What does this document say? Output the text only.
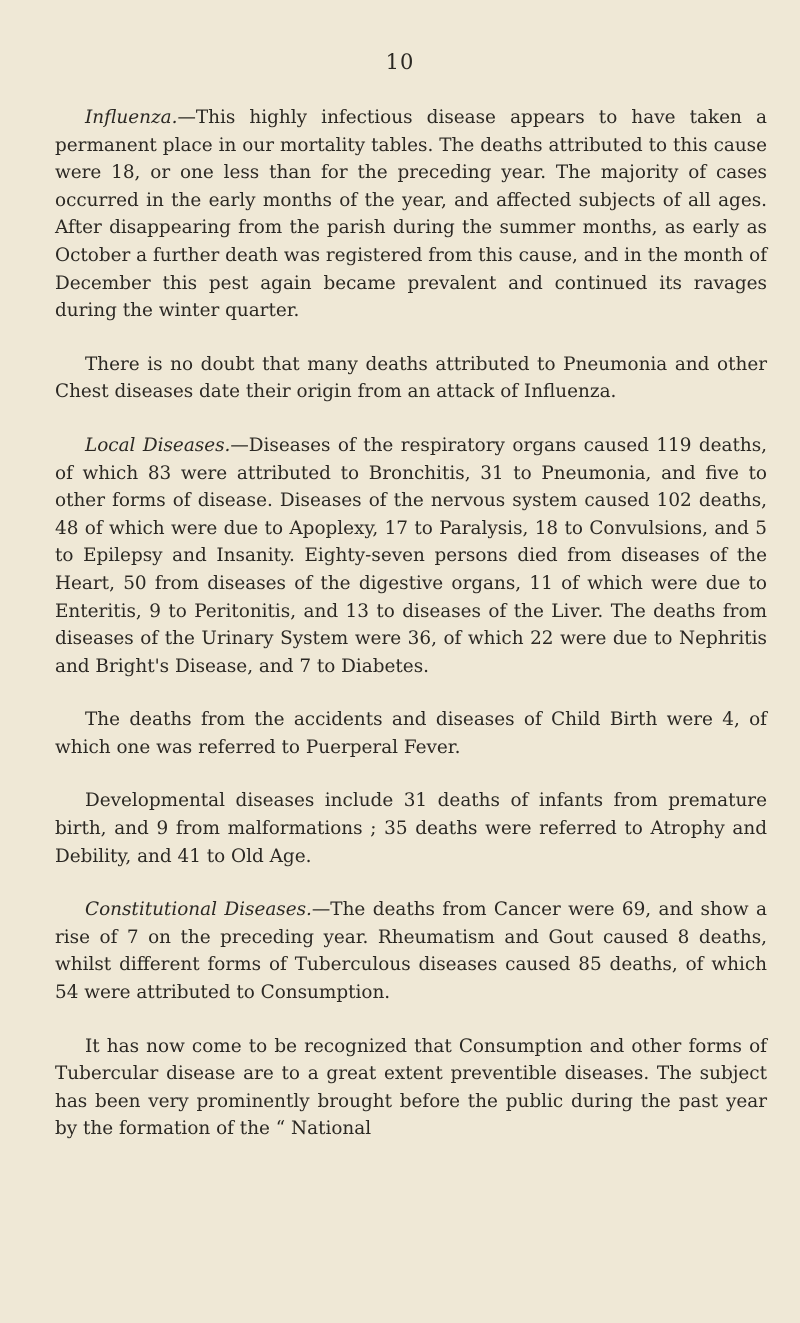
10

Influenza.—This highly infectious disease appears to have taken a permanent place in our mortality tables. The deaths attributed to this cause were 18, or one less than for the preceding year. The majority of cases occurred in the early months of the year, and affected subjects of all ages. After disappearing from the parish during the summer months, as early as October a further death was registered from this cause, and in the month of December this pest again became prevalent and continued its ravages during the winter quarter.

There is no doubt that many deaths attributed to Pneumonia and other Chest diseases date their origin from an attack of Influenza.

Local Diseases.—Diseases of the respiratory organs caused 119 deaths, of which 83 were attributed to Bronchitis, 31 to Pneumonia, and five to other forms of disease. Diseases of the nervous system caused 102 deaths, 48 of which were due to Apoplexy, 17 to Paralysis, 18 to Convulsions, and 5 to Epilepsy and Insanity. Eighty-seven persons died from diseases of the Heart, 50 from diseases of the digestive organs, 11 of which were due to Enteritis, 9 to Peritonitis, and 13 to diseases of the Liver. The deaths from diseases of the Urinary System were 36, of which 22 were due to Nephritis and Bright's Disease, and 7 to Diabetes.

The deaths from the accidents and diseases of Child Birth were 4, of which one was referred to Puerperal Fever.

Developmental diseases include 31 deaths of infants from premature birth, and 9 from malformations ; 35 deaths were referred to Atrophy and Debility, and 41 to Old Age.

Constitutional Diseases.—The deaths from Cancer were 69, and show a rise of 7 on the preceding year. Rheumatism and Gout caused 8 deaths, whilst different forms of Tuberculous diseases caused 85 deaths, of which 54 were attributed to Consumption.

It has now come to be recognized that Consumption and other forms of Tubercular disease are to a great extent preventible diseases. The subject has been very prominently brought before the public during the past year by the formation of the “ National
